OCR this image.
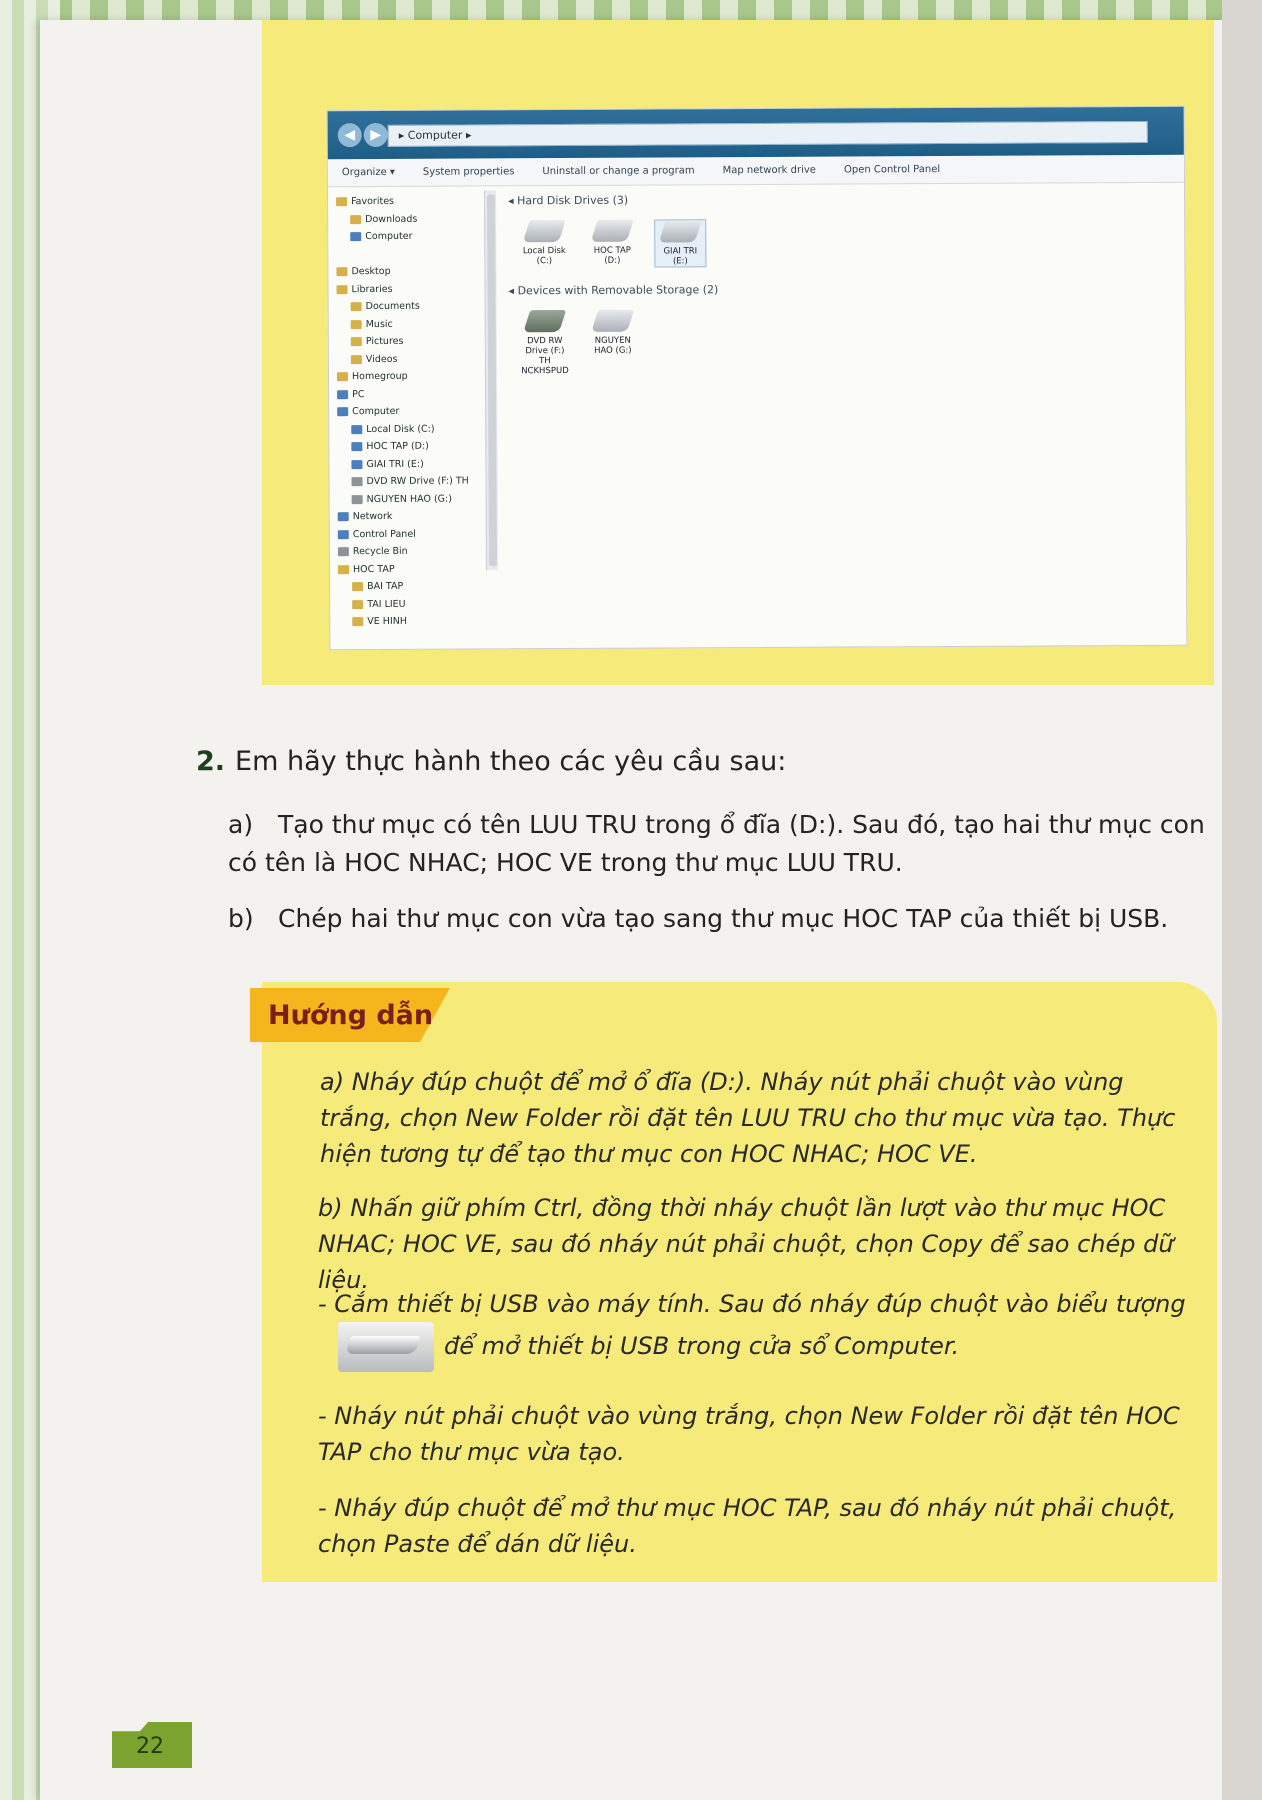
◀	▶	▸ Computer ▸
Organize ▾	System properties	Uninstall or change a program	Map network drive	Open Control Panel
Favorites
Downloads
Computer
Desktop
Libraries
Documents
Music
Pictures
Videos
Homegroup
PC
Computer
Local Disk (C:)
HOC TAP (D:)
GIAI TRI (E:)
DVD RW Drive (F:) TH
NGUYEN HAO (G:)
Network
Control Panel
Recycle Bin
HOC TAP
BAI TAP
TAI LIEU
VE HINH
◂ Hard Disk Drives (3)
Local Disk (C:)
HOC TAP (D:)
GIAI TRI (E:)
◂ Devices with Removable Storage (2)
DVD RW Drive (F:) TH NCKHSPUD
NGUYEN HAO (G:)
2. Em hãy thực hành theo các yêu cầu sau:
a) Tạo thư mục có tên LUU TRU trong ổ đĩa (D:). Sau đó, tạo hai thư mục con có tên là HOC NHAC; HOC VE trong thư mục LUU TRU.
b) Chép hai thư mục con vừa tạo sang thư mục HOC TAP của thiết bị USB.
Hướng dẫn
a) Nháy đúp chuột để mở ổ đĩa (D:). Nháy nút phải chuột vào vùng trắng, chọn New Folder rồi đặt tên LUU TRU cho thư mục vừa tạo. Thực hiện tương tự để tạo thư mục con HOC NHAC; HOC VE.
b) Nhấn giữ phím Ctrl, đồng thời nháy chuột lần lượt vào thư mục HOC NHAC; HOC VE, sau đó nháy nút phải chuột, chọn Copy để sao chép dữ liệu.
- Cắm thiết bị USB vào máy tính. Sau đó nháy đúp chuột vào biểu tượng
để mở thiết bị USB trong cửa sổ Computer.
- Nháy nút phải chuột vào vùng trắng, chọn New Folder rồi đặt tên HOC TAP cho thư mục vừa tạo.
- Nháy đúp chuột để mở thư mục HOC TAP, sau đó nháy nút phải chuột, chọn Paste để dán dữ liệu.
22
